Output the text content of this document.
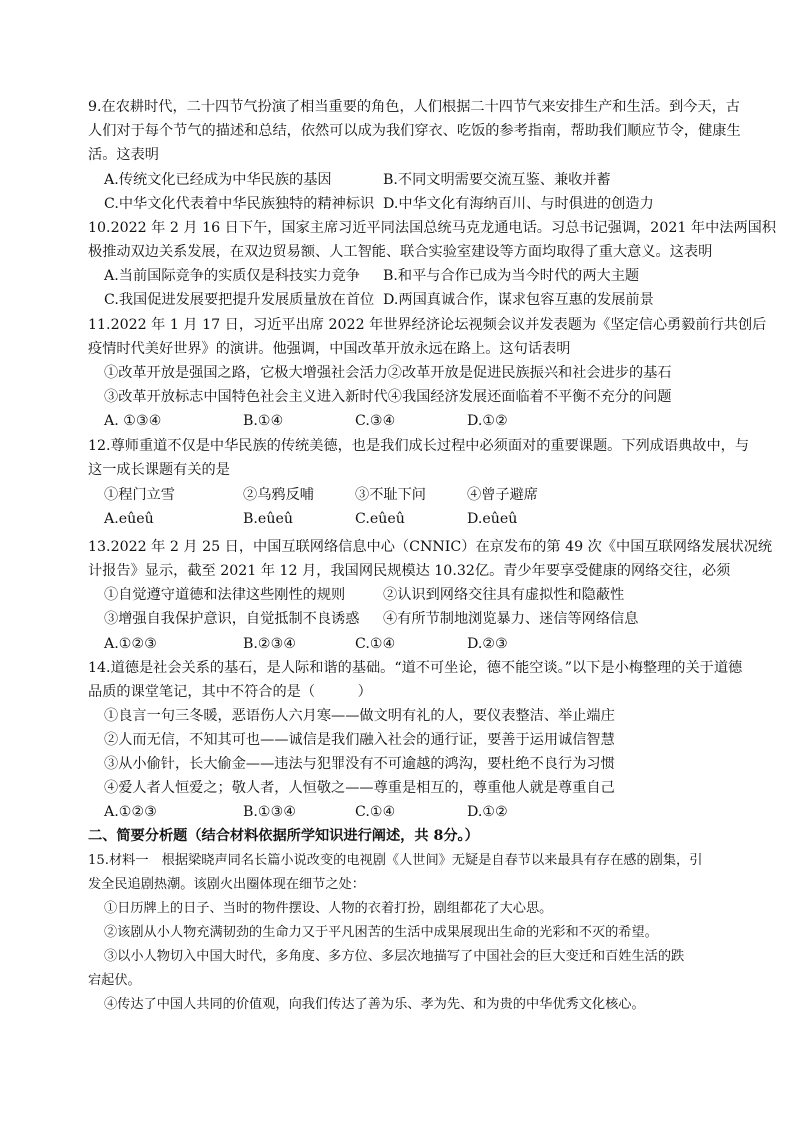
9.在农耕时代，二十四节气扮演了相当重要的角色，人们根据二十四节气来安排生产和生活。到今天，古
人们对于每个节气的描述和总结，依然可以成为我们穿衣、吃饭的参考指南，帮助我们顺应节令，健康生
活。这表明
A.传统文化已经成为中华民族的基因	B.不同文明需要交流互鉴、兼收并蓄
C.中华文化代表着中华民族独特的精神标识 D.中华文化有海纳百川、与时俱进的创造力
10.2022 年 2 月 16 日下午，国家主席习近平同法国总统马克龙通电话。习总书记强调，2021 年中法两国积
极推动双边关系发展，在双边贸易额、人工智能、联合实验室建设等方面均取得了重大意义。这表明
A.当前国际竞争的实质仅是科技实力竞争 B.和平与合作已成为当今时代的两大主题
C.我国促进发展要把提升发展质量放在首位 D.两国真诚合作，谋求包容互惠的发展前景
11.2022 年 1 月 17 日，习近平出席 2022 年世界经济论坛视频会议并发表题为《坚定信心勇毅前行共创后
疫情时代美好世界》的演讲。他强调，中国改革开放永远在路上。这句话表明
①改革开放是强国之路，它极大增强社会活力②改革开放是促进民族振兴和社会进步的基石
③改革开放标志中国特色社会主义进入新时代④我国经济发展还面临着不平衡不充分的问题
A. ①③④	B.①④	C.③④	D.①②
12.尊师重道不仅是中华民族的传统美德，也是我们成长过程中必须面对的重要课题。下列成语典故中，与
这一成长课题有关的是
①程门立雪	②乌鸦反哺	③不耻下问	④曾子避席
A.еûеû	B.еûеû	C.еûеû	D.еûеû
13.2022 年 2 月 25 日，中国互联网络信息中心（CNNIC）在京发布的第 49 次《中国互联网络发展状况统
计报告》显示，截至 2021 年 12 月，我国网民规模达 10.32亿。青少年要享受健康的网络交往，必须
①自觉遵守道德和法律这些刚性的规则	②认识到网络交往具有虚拟性和隐蔽性
③增强自我保护意识，自觉抵制不良诱惑 ④有所节制地浏览暴力、迷信等网络信息
A.①②③	B.②③④	C.①④	D.②③
14.道德是社会关系的基石，是人际和谐的基础。“道不可坐论，德不能空谈。”以下是小梅整理的关于道德
品质的课堂笔记，其中不符合的是（　　　）
①良言一句三冬暖，恶语伤人六月寒——做文明有礼的人，要仪表整洁、举止端庄
②人而无信，不知其可也——诚信是我们融入社会的通行证，要善于运用诚信智慧
③从小偷针，长大偷金——违法与犯罪没有不可逾越的鸿沟，要杜绝不良行为习惯
④爱人者人恒爱之；敬人者，人恒敬之——尊重是相互的，尊重他人就是尊重自己
A.①②③	B.①③④	C.①④	D.①②
二、简要分析题（结合材料依据所学知识进行阐述，共 8分。）
15.材料一　根据梁晓声同名长篇小说改变的电视剧《人世间》无疑是自春节以来最具有存在感的剧集，引
发全民追剧热潮。该剧火出圈体现在细节之处：
①日历牌上的日子、当时的物件摆设、人物的衣着打扮，剧组都花了大心思。
②该剧从小人物充满韧劲的生命力又于平凡困苦的生活中成果展现出生命的光彩和不灭的希望。
③以小人物切入中国大时代，多角度、多方位、多层次地描写了中国社会的巨大变迁和百姓生活的跌
宕起伏。
④传达了中国人共同的价值观，向我们传达了善为乐、孝为先、和为贵的中华优秀文化核心。
